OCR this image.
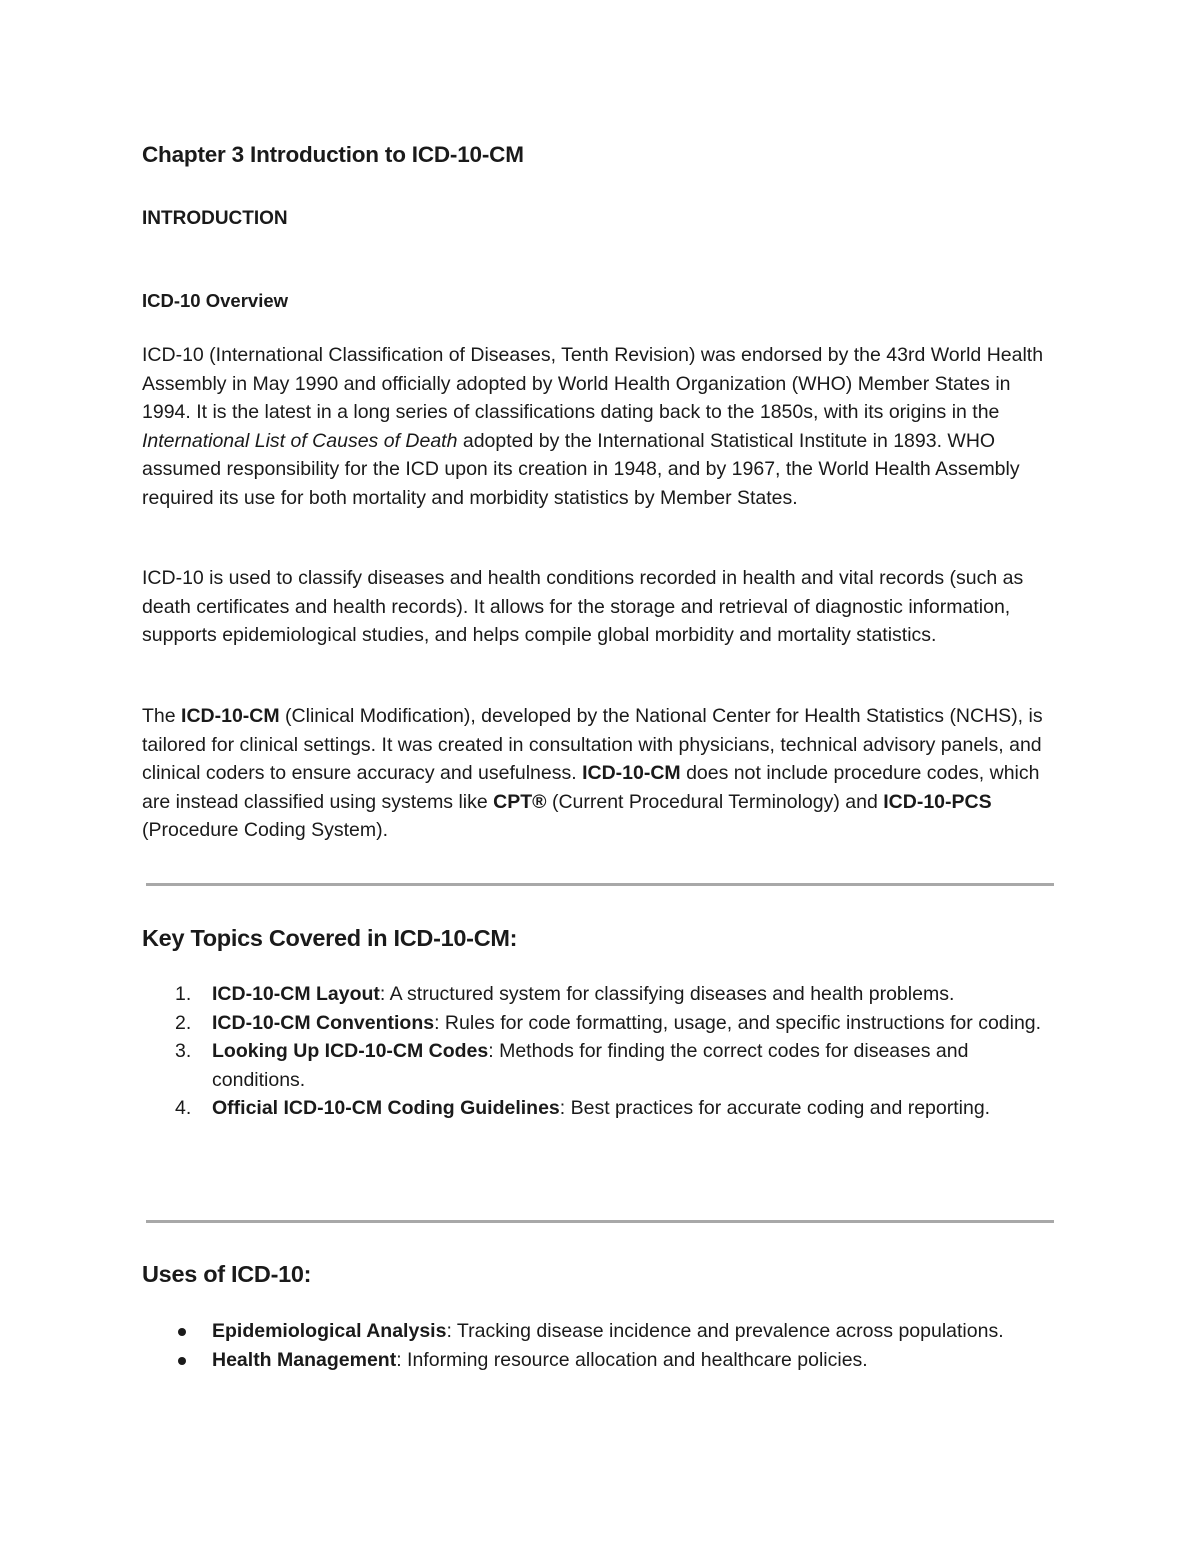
Chapter 3 Introduction to ICD-10-CM
INTRODUCTION
ICD-10 Overview

ICD-10 (International Classification of Diseases, Tenth Revision) was endorsed by the 43rd World Health Assembly in May 1990 and officially adopted by World Health Organization (WHO) Member States in 1994. It is the latest in a long series of classifications dating back to the 1850s, with its origins in the International List of Causes of Death adopted by the International Statistical Institute in 1893. WHO assumed responsibility for the ICD upon its creation in 1948, and by 1967, the World Health Assembly required its use for both mortality and morbidity statistics by Member States.

ICD-10 is used to classify diseases and health conditions recorded in health and vital records (such as death certificates and health records). It allows for the storage and retrieval of diagnostic information, supports epidemiological studies, and helps compile global morbidity and mortality statistics.

The ICD-10-CM (Clinical Modification), developed by the National Center for Health Statistics (NCHS), is tailored for clinical settings. It was created in consultation with physicians, technical advisory panels, and clinical coders to ensure accuracy and usefulness. ICD-10-CM does not include procedure codes, which are instead classified using systems like CPT® (Current Procedural Terminology) and ICD-10-PCS (Procedure Coding System).

Key Topics Covered in ICD-10-CM:
1. ICD-10-CM Layout: A structured system for classifying diseases and health problems.
2. ICD-10-CM Conventions: Rules for code formatting, usage, and specific instructions for coding.
3. Looking Up ICD-10-CM Codes: Methods for finding the correct codes for diseases and conditions.
4. Official ICD-10-CM Coding Guidelines: Best practices for accurate coding and reporting.
Uses of ICD-10:
Epidemiological Analysis: Tracking disease incidence and prevalence across populations.
Health Management: Informing resource allocation and healthcare policies.
